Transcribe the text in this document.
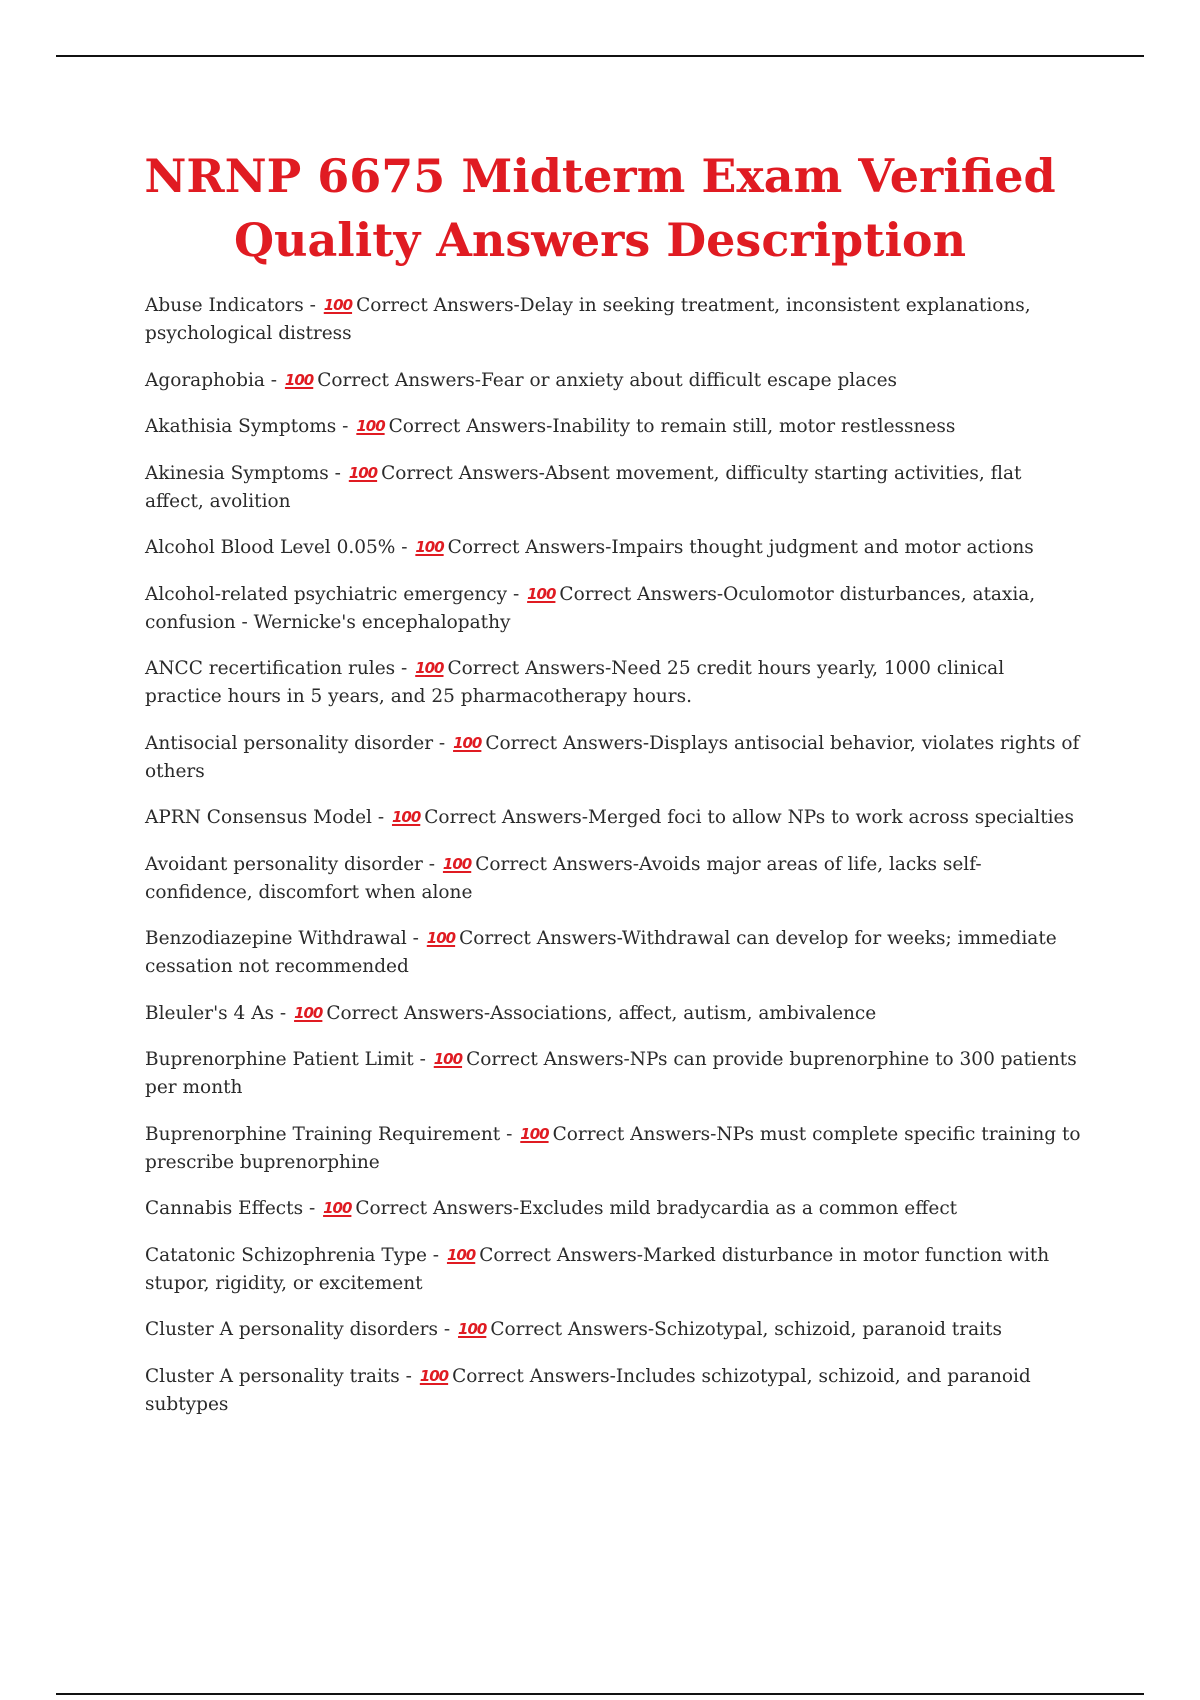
NRNP 6675 Midterm Exam Verified Quality Answers Description
Abuse Indicators - 100 Correct Answers-Delay in seeking treatment, inconsistent explanations, psychological distress
Agoraphobia - 100 Correct Answers-Fear or anxiety about difficult escape places
Akathisia Symptoms - 100 Correct Answers-Inability to remain still, motor restlessness
Akinesia Symptoms - 100 Correct Answers-Absent movement, difficulty starting activities, flat affect, avolition
Alcohol Blood Level 0.05% - 100 Correct Answers-Impairs thought judgment and motor actions
Alcohol-related psychiatric emergency - 100 Correct Answers-Oculomotor disturbances, ataxia, confusion - Wernicke's encephalopathy
ANCC recertification rules - 100 Correct Answers-Need 25 credit hours yearly, 1000 clinical practice hours in 5 years, and 25 pharmacotherapy hours.
Antisocial personality disorder - 100 Correct Answers-Displays antisocial behavior, violates rights of others
APRN Consensus Model - 100 Correct Answers-Merged foci to allow NPs to work across specialties
Avoidant personality disorder - 100 Correct Answers-Avoids major areas of life, lacks self-confidence, discomfort when alone
Benzodiazepine Withdrawal - 100 Correct Answers-Withdrawal can develop for weeks; immediate cessation not recommended
Bleuler's 4 As - 100 Correct Answers-Associations, affect, autism, ambivalence
Buprenorphine Patient Limit - 100 Correct Answers-NPs can provide buprenorphine to 300 patients per month
Buprenorphine Training Requirement - 100 Correct Answers-NPs must complete specific training to prescribe buprenorphine
Cannabis Effects - 100 Correct Answers-Excludes mild bradycardia as a common effect
Catatonic Schizophrenia Type - 100 Correct Answers-Marked disturbance in motor function with stupor, rigidity, or excitement
Cluster A personality disorders - 100 Correct Answers-Schizotypal, schizoid, paranoid traits
Cluster A personality traits - 100 Correct Answers-Includes schizotypal, schizoid, and paranoid subtypes
